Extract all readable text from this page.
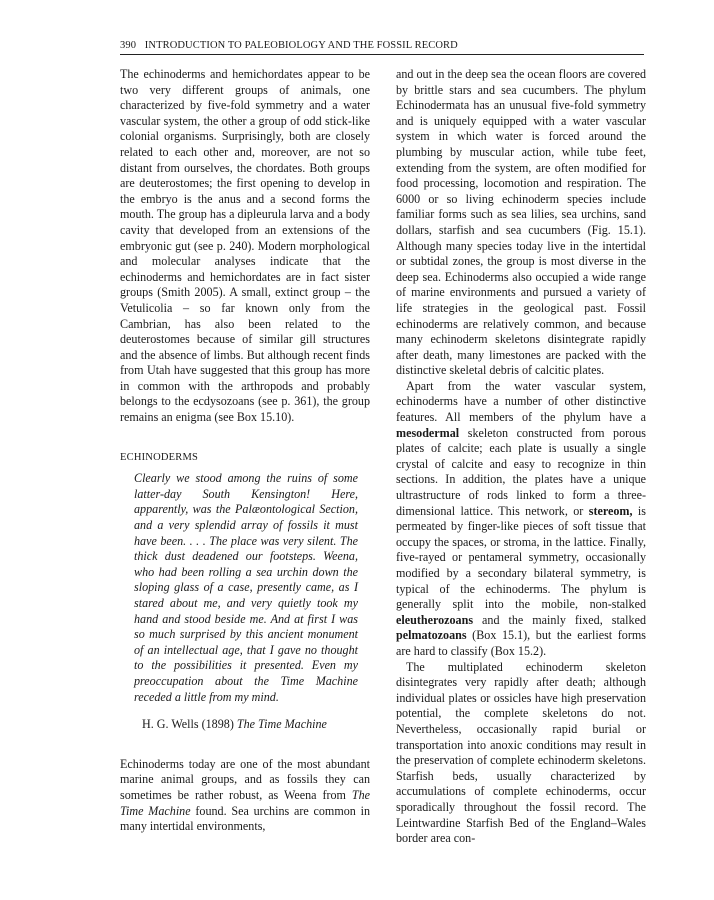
390 INTRODUCTION TO PALEOBIOLOGY AND THE FOSSIL RECORD

The echinoderms and hemichordates appear to be two very different groups of animals, one characterized by five-fold symmetry and a water vascular system, the other a group of odd stick-like colonial organisms. Surprisingly, both are closely related to each other and, moreover, are not so distant from ourselves, the chordates. Both groups are deuterostomes; the first opening to develop in the embryo is the anus and a second forms the mouth. The group has a dipleurula larva and a body cavity that developed from an extensions of the embryonic gut (see p. 240). Modern morphological and molecular analyses indicate that the echinoderms and hemichordates are in fact sister groups (Smith 2005). A small, extinct group – the Vetulicolia – so far known only from the Cambrian, has also been related to the deuterostomes because of similar gill structures and the absence of limbs. But although recent finds from Utah have suggested that this group has more in common with the arthropods and probably belongs to the ecdysozoans (see p. 361), the group remains an enigma (see Box 15.10).

ECHINODERMS

Clearly we stood among the ruins of some latter-day South Kensington! Here, apparently, was the Palæontological Section, and a very splendid array of fossils it must have been. . . . The place was very silent. The thick dust deadened our footsteps. Weena, who had been rolling a sea urchin down the sloping glass of a case, presently came, as I stared about me, and very quietly took my hand and stood beside me. And at first I was so much surprised by this ancient monument of an intellectual age, that I gave no thought to the possibilities it presented. Even my preoccupation about the Time Machine receded a little from my mind.

H. G. Wells (1898) The Time Machine

Echinoderms today are one of the most abundant marine animal groups, and as fossils they can sometimes be rather robust, as Weena from The Time Machine found. Sea urchins are common in many intertidal environments,

and out in the deep sea the ocean floors are covered by brittle stars and sea cucumbers. The phylum Echinodermata has an unusual five-fold symmetry and is uniquely equipped with a water vascular system in which water is forced around the plumbing by muscular action, while tube feet, extending from the system, are often modified for food processing, locomotion and respiration. The 6000 or so living echinoderm species include familiar forms such as sea lilies, sea urchins, sand dollars, starfish and sea cucumbers (Fig. 15.1). Although many species today live in the intertidal or subtidal zones, the group is most diverse in the deep sea. Echinoderms also occupied a wide range of marine environments and pursued a variety of life strategies in the geological past. Fossil echinoderms are relatively common, and because many echinoderm skeletons disintegrate rapidly after death, many limestones are packed with the distinctive skeletal debris of calcitic plates.

Apart from the water vascular system, echinoderms have a number of other distinctive features. All members of the phylum have a mesodermal skeleton constructed from porous plates of calcite; each plate is usually a single crystal of calcite and easy to recognize in thin sections. In addition, the plates have a unique ultrastructure of rods linked to form a three-dimensional lattice. This network, or stereom, is permeated by finger-like pieces of soft tissue that occupy the spaces, or stroma, in the lattice. Finally, five-rayed or pentameral symmetry, occasionally modified by a secondary bilateral symmetry, is typical of the echinoderms. The phylum is generally split into the mobile, non-stalked eleutherozoans and the mainly fixed, stalked pelmatozoans (Box 15.1), but the earliest forms are hard to classify (Box 15.2).

The multiplated echinoderm skeleton disintegrates very rapidly after death; although individual plates or ossicles have high preservation potential, the complete skeletons do not. Nevertheless, occasionally rapid burial or transportation into anoxic conditions may result in the preservation of complete echinoderm skeletons. Starfish beds, usually characterized by accumulations of complete echinoderms, occur sporadically throughout the fossil record. The Leintwardine Starfish Bed of the England–Wales border area con-
